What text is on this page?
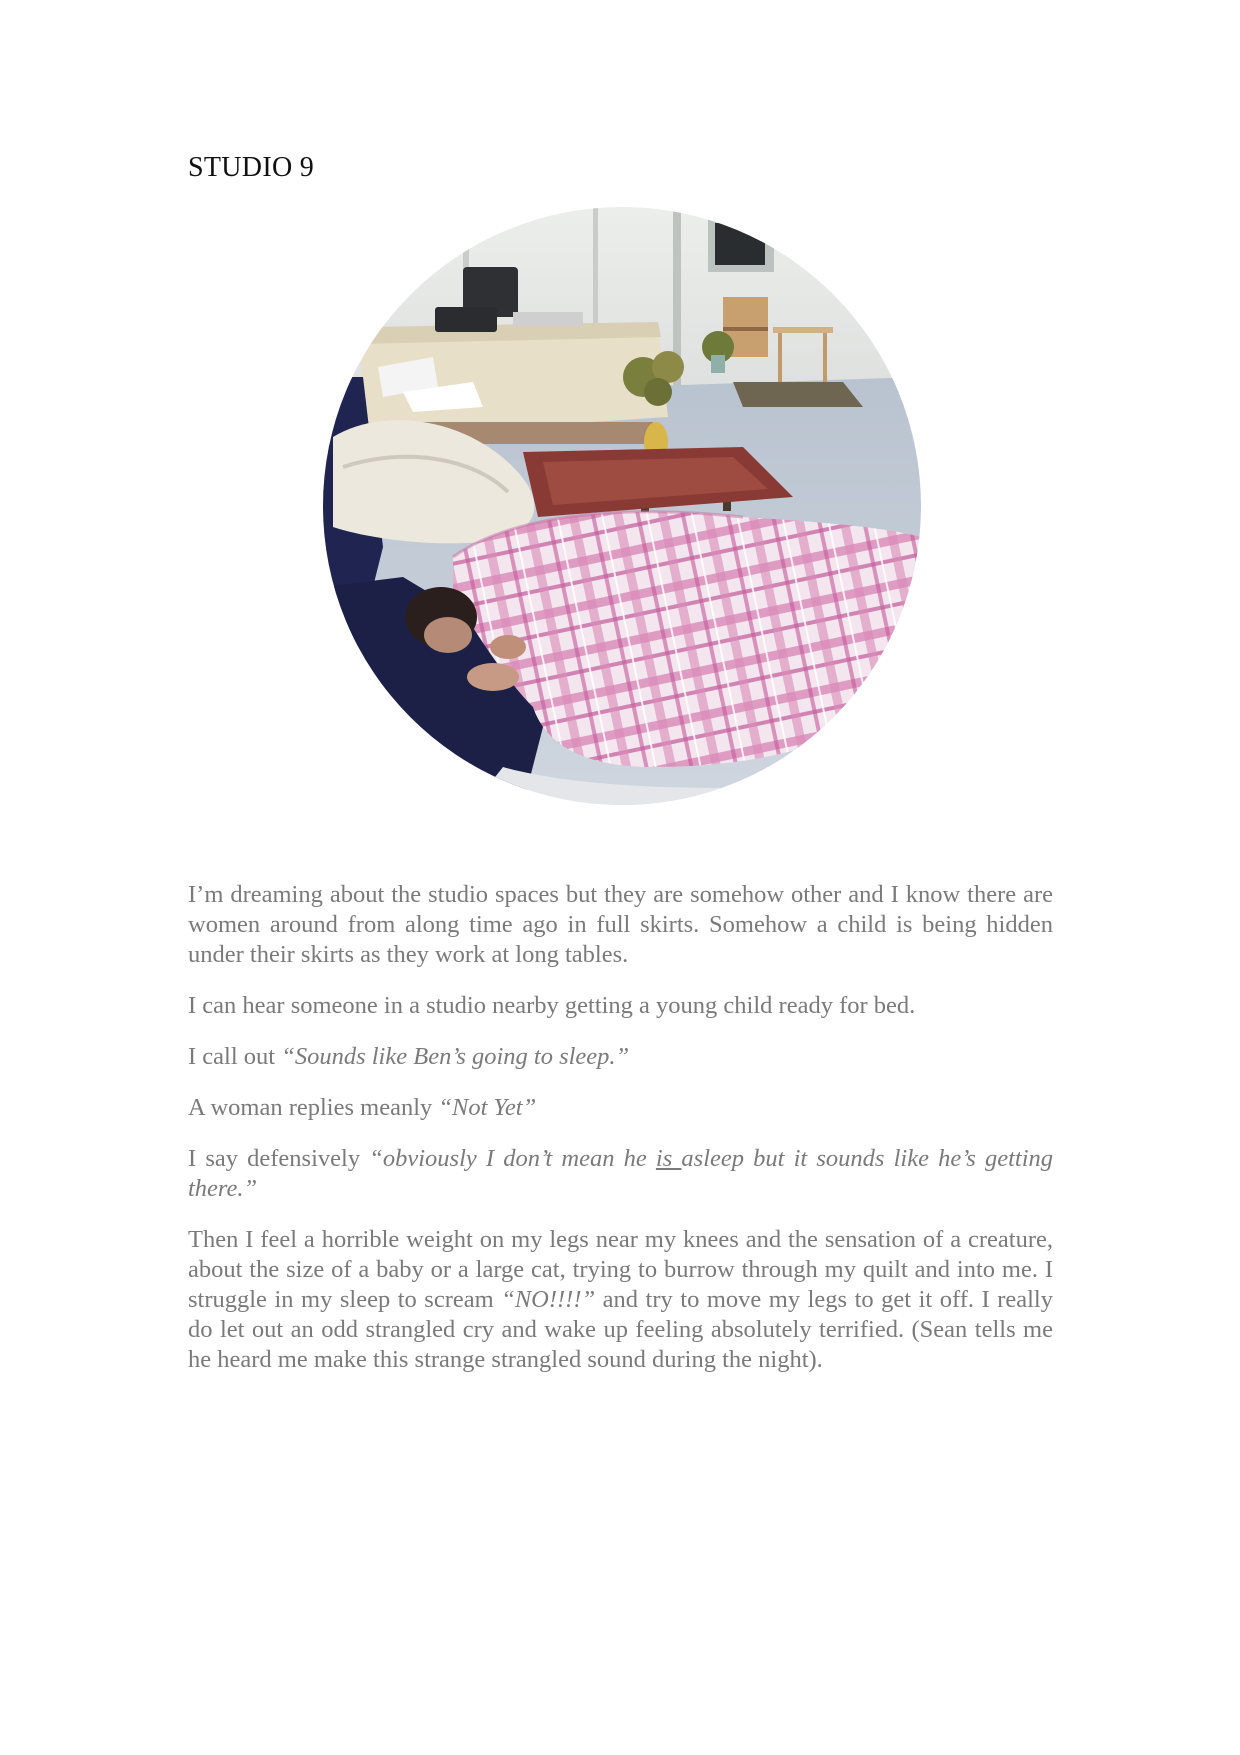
STUDIO 9

I’m dreaming about the studio spaces but they are somehow other and I know there are women around from along time ago in full skirts. Somehow a child is being hidden under their skirts as they work at long tables.

I can hear someone in a studio nearby getting a young child ready for bed.

I call out “Sounds like Ben’s going to sleep.”

A woman replies meanly “Not Yet”

I say defensively “obviously I don’t mean he is asleep but it sounds like he’s getting there.”

Then I feel a horrible weight on my legs near my knees and the sensation of a creature, about the size of a baby or a large cat, trying to burrow through my quilt and into me. I struggle in my sleep to scream “NO!!!!” and try to move my legs to get it off. I really do let out an odd strangled cry and wake up feeling absolutely terrified. (Sean tells me he heard me make this strange strangled sound during the night).
